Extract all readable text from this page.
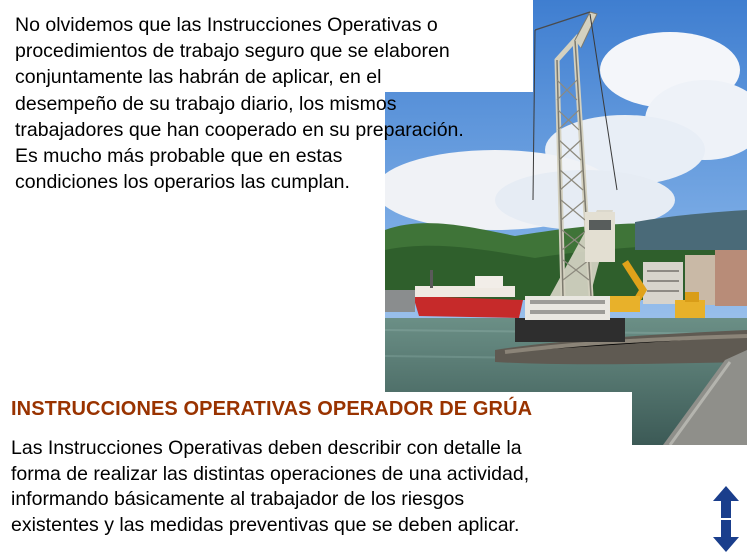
No olvidemos que las Instrucciones Operativas o
procedimientos de trabajo seguro que se elaboren
conjuntamente las habrán de aplicar, en el
desempeño de su trabajo diario, los mismos
trabajadores que han cooperado en su preparación.
Es mucho más probable que en estas
condiciones los operarios las cumplan.

INSTRUCCIONES OPERATIVAS OPERADOR DE GRÚA

Las Instrucciones Operativas deben describir con detalle la
forma de realizar las distintas operaciones de una actividad,
informando básicamente al trabajador de los riesgos
existentes y las medidas preventivas que se deben aplicar.
